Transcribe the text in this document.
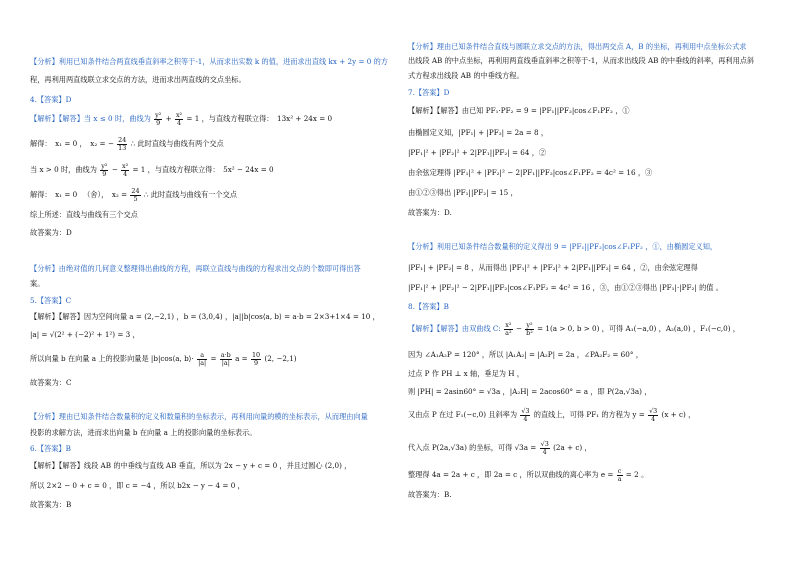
【分析】利用已知条件结合两直线垂直斜率之积等于-1，从而求出实数 k 的值，进而求出直线 kx + 2y = 0 的方
程，再利用两直线联立求交点的方法，进而求出两直线的交点坐标。
4.【答案】D
【解析】【解答】当 x ≤ 0 时，曲线为 $\frac{\text{y²}}{9} + \frac{\text{x²}}{4} = 1$ ，与直线方程联立得：　13x² + 24x = 0
解得：　x₁ = 0 ，　x₂ = − $\frac{24}{13}$ ∴ 此时直线与曲线有两个交点
当 x > 0 时，曲线为 $\frac{\text{y²}}{9} - \frac{\text{x²}}{4} = 1$ ，与直线方程联立得：　5x² − 24x = 0
解得：　x₁ = 0 　（舍），　$x_2 = \frac{24}{5}$ ∴ 此时直线与曲线有一个交点
综上所述：直线与曲线有三个交点
故答案为：D
【分析】由绝对值的几何意义整理得出曲线的方程，再联立直线与曲线的方程求出交点的个数即可得出答
案。
5.【答案】C
【解析】【解答】因为空间向量 a = (2,−2,1) ，b = (3,0,4) ，|a||b|cos⟨a, b⟩ = a·b = 2×3+1×4 = 10 ，
|a| = √(2² + (−2)² + 1²) = 3 ，
所以向量 b 在向量 a 上的投影向量是 |b|cos⟨a, b⟩· $\frac{a}{|a|} = \frac{a\cdot b}{|a|}$ $a = \frac{10}{9} (2$, −2,1)
故答案为：C
【分析】理由已知条件结合数量积的定义和数量积的坐标表示，再利用向量的模的坐标表示，从而理由向量
投影的求解方法，进而求出向量 b 在向量 a 上的投影向量的坐标表示。
6.【答案】B
【解析】【解答】线段 AB 的中垂线与直线 AB 垂直，所以为 2x − y + c = 0 ，并且过圆心 (2,0) ，
所以 2×2 − 0 + c = 0 ，即 c = −4 ，所以 b2x − y − 4 = 0 ，
故答案为：B
【分析】理由已知条件结合直线与圆联立求交点的方法，得出两交点 A，B 的坐标，再利用中点坐标公式求
出线段 AB 的中点坐标，再利用两直线垂直斜率之积等于-1，从而求出线段 AB 的中垂线的斜率，再利用点斜
式方程求出线段 AB 的中垂线方程。
7.【答案】D
【解析】【解答】由已知 PF₁·PF₂ = 9 = |PF₁||PF₂|cos∠F₁PF₂ ，①
由椭圆定义知，|PF₁| + |PF₂| = 2a = 8 ，
|PF₁|² + |PF₂|² + 2|PF₁||PF₂| = 64 ，②
由余弦定理得 |PF₁|² + |PF₂|² − 2|PF₁||PF₂|cos∠F₁PF₂ = 4c² = 16 ，③
由①②③得出 |PF₁||PF₂| = 15 ，
故答案为：D.
【分析】利用已知条件结合数量积的定义得出 9 = |PF₁||PF₂|cos∠F₁PF₂ ，①，由椭圆定义知，
|PF₁| + |PF₂| = 8 ，从而得出 |PF₁|² + |PF₂|² + 2|PF₁||PF₂| = 64 ，②，由余弦定理得
|PF₁|² + |PF₂|² − 2|PF₁||PF₂|cos∠F₁PF₂ = 4c² = 16 ，③，由①②③得出 |PF₁|·|PF₂| 的值 。
8.【答案】B
【解析】【解答】由双曲线 C: $\frac{\text{x²}}{\text{a²}} - \frac{\text{y²}}{\text{b²}} = 1(a > 0$, b > 0) ，可得 A₁(−a,0) ，A₂(a,0) ，F₁(−c,0) ，
因为 ∠A₁A₂P = 120° ，所以 |A₁A₂| = |A₂P| = 2a ，∠PA₂F₂ = 60° ，
过点 P 作 PH ⊥ x 轴，垂足为 H ，
则 |PH| = 2asin60° = √3a ，|A₂H| = 2acos60° = a ，即 P(2a,√3a) ，
又由点 P 在过 F₁(−c,0) 且斜率为 $\frac{√3}{4}$ 的直线上，可得 PF₁ 的方程为 $y = \frac{√3}{4} (x + c)$ ，
代入点 P(2a,√3a) 的坐标，可得 $√3a = \frac{√3}{4} (2a + c)$ ，
整理得 4a = 2a + c ，即 2a = c ，所以双曲线的离心率为 $e = \frac{c}{a} = 2$ 。
故答案为：B.
